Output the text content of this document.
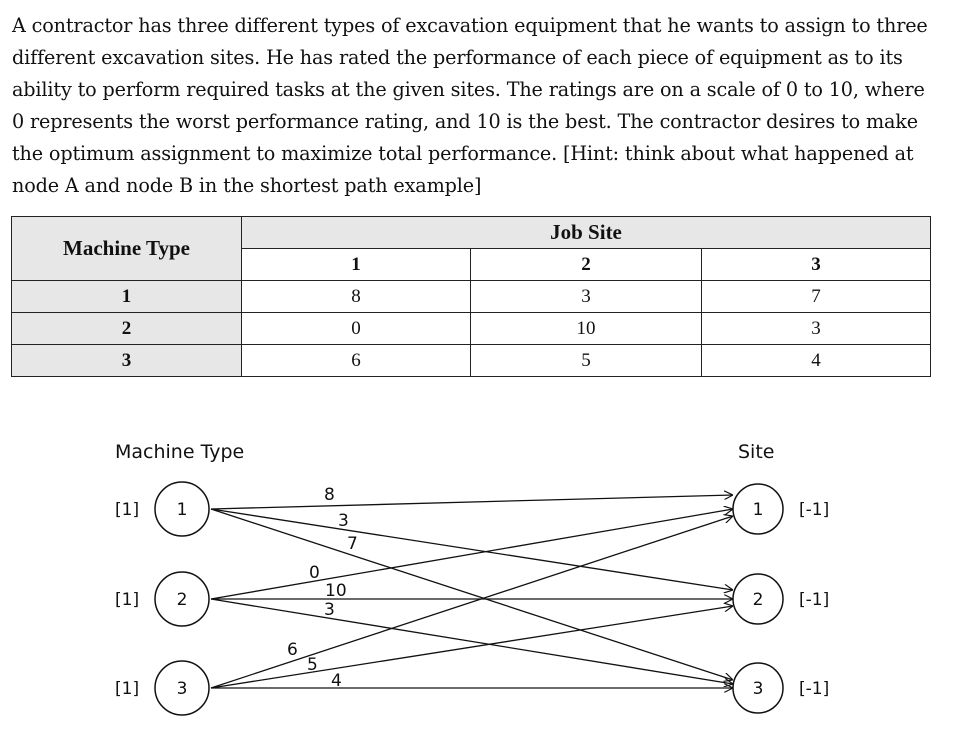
A contractor has three different types of excavation equipment that he wants to assign to three different excavation sites. He has rated the performance of each piece of equipment as to its ability to perform required tasks at the given sites. The ratings are on a scale of 0 to 10, where 0 represents the worst performance rating, and 10 is the best. The contractor desires to make the optimum assignment to maximize total performance. [Hint: think about what happened at node A and node B in the shortest path example]

Machine Type	Job Site		
	1	2	3
1	8	3	7
2	0	10	3
3	6	5	4
Machine Type	Site
8
3
7
0
10
3
6
5
4
1
2
3
[1]
[1]
[1]
1
2
3
[-1]
[-1]
[-1]
